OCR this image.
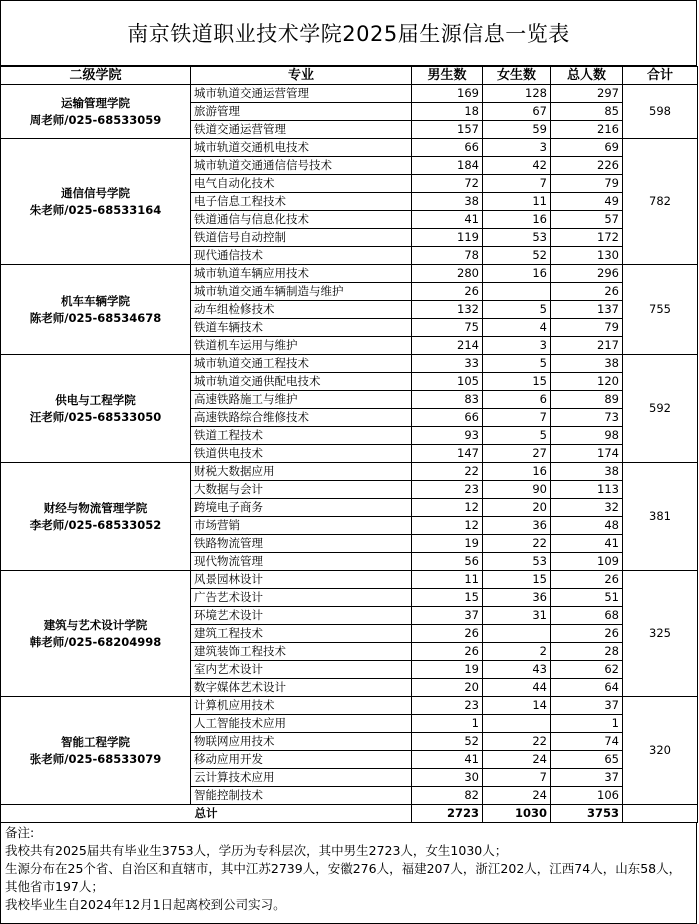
南京铁道职业技术学院2025届生源信息一览表
二级学院	专业	男生数	女生数	总人数	合计

运输管理学院
周老师/025-68533059	城市轨道交通运营管理	169	128	297	598
	旅游管理	18	67	85	
	铁道交通运营管理	157	59	216	

通信信号学院
朱老师/025-68533164	城市轨道交通机电技术	66	3	69	782
	城市轨道交通通信信号技术	184	42	226	
	电气自动化技术	72	7	79	
	电子信息工程技术	38	11	49	
	铁道通信与信息化技术	41	16	57	
	铁道信号自动控制	119	53	172	
	现代通信技术	78	52	130	

机车车辆学院
陈老师/025-68534678	城市轨道车辆应用技术	280	16	296	755
	城市轨道交通车辆制造与维护	26		26	
	动车组检修技术	132	5	137	
	铁道车辆技术	75	4	79	
	铁道机车运用与维护	214	3	217	

供电与工程学院
汪老师/025-68533050	城市轨道交通工程技术	33	5	38	592
	城市轨道交通供配电技术	105	15	120	
	高速铁路施工与维护	83	6	89	
	高速铁路综合维修技术	66	7	73	
	铁道工程技术	93	5	98	
	铁道供电技术	147	27	174	

财经与物流管理学院
李老师/025-68533052	财税大数据应用	22	16	38	381
	大数据与会计	23	90	113	
	跨境电子商务	12	20	32	
	市场营销	12	36	48	
	铁路物流管理	19	22	41	
	现代物流管理	56	53	109	

建筑与艺术设计学院
韩老师/025-68204998	风景园林设计	11	15	26	325
	广告艺术设计	15	36	51	
	环境艺术设计	37	31	68	
	建筑工程技术	26		26	
	建筑装饰工程技术	26	2	28	
	室内艺术设计	19	43	62	
	数字媒体艺术设计	20	44	64	

智能工程学院
张老师/025-68533079	计算机应用技术	23	14	37	320
	人工智能技术应用	1		1	
	物联网应用技术	52	22	74	
	移动应用开发	41	24	65	
	云计算技术应用	30	7	37	
	智能控制技术	82	24	106	
总计		2723	1030	3753	
备注:
我校共有2025届共有毕业生3753人，学历为专科层次，其中男生2723人，女生1030人；
生源分布在25个省、自治区和直辖市，其中江苏2739人，安徽276人，福建207人，浙江202人，江西74人，山东58人，其他省市197人；
我校毕业生自2024年12月1日起离校到公司实习。
